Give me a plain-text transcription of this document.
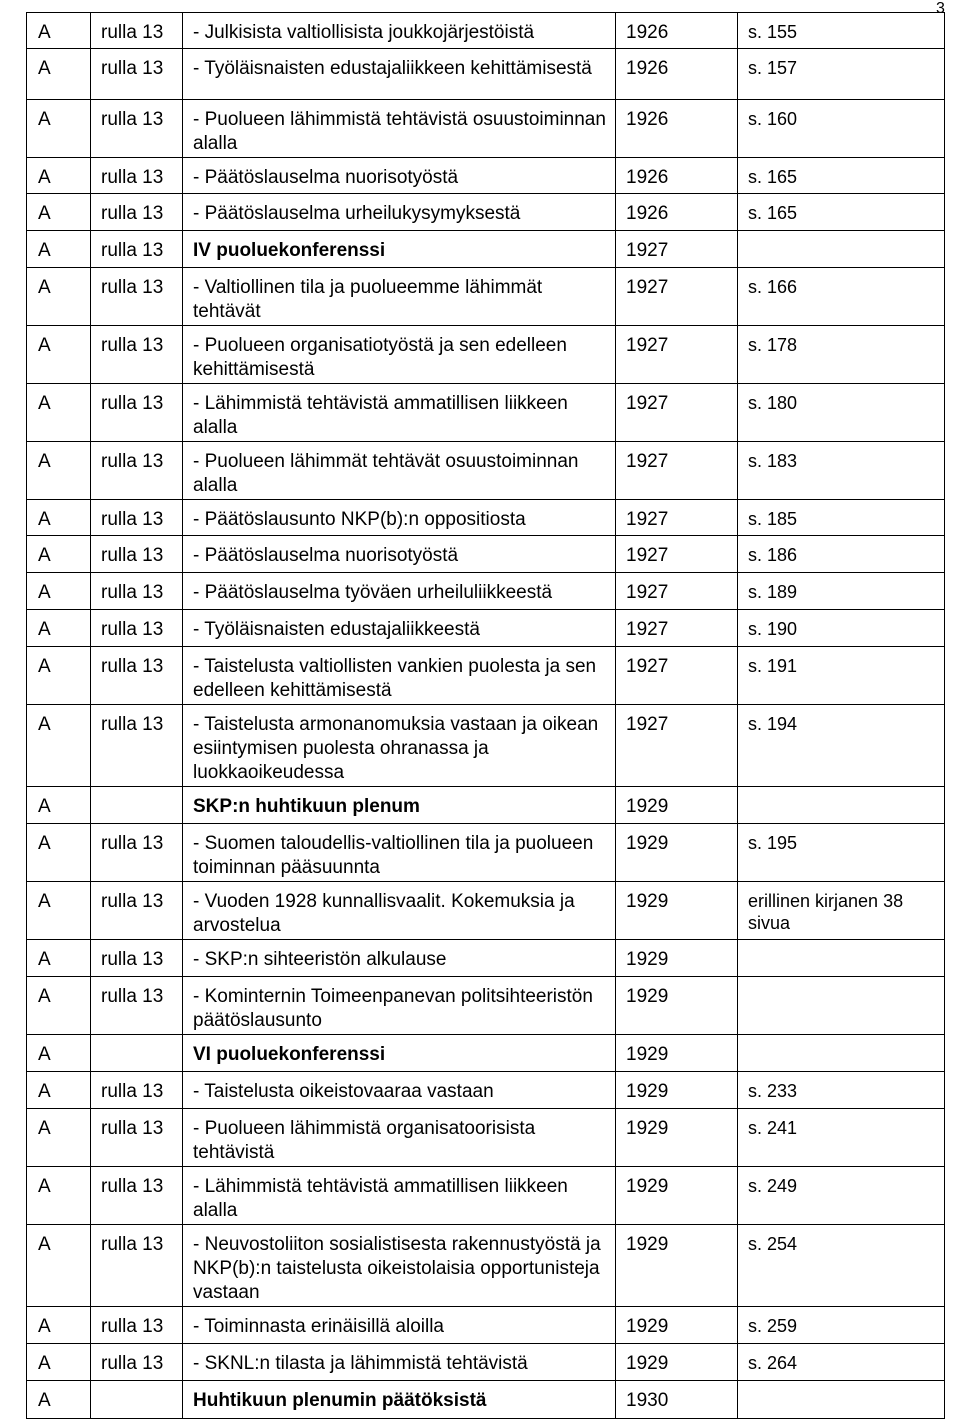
3
A	rulla 13	- Julkisista valtiollisista joukkojärjestöistä	1926	s. 155
A	rulla 13	- Työläisnaisten edustajaliikkeen kehittämisestä	1926	s. 157
A	rulla 13	- Puolueen lähimmistä tehtävistä osuustoiminnan alalla	1926	s. 160
A	rulla 13	- Päätöslauselma nuorisotyöstä	1926	s. 165
A	rulla 13	- Päätöslauselma urheilukysymyksestä	1926	s. 165
A	rulla 13	IV puoluekonferenssi	1927	
A	rulla 13	- Valtiollinen tila ja puolueemme lähimmät tehtävät	1927	s. 166
A	rulla 13	- Puolueen organisatiotyöstä ja sen edelleen kehittämisestä	1927	s. 178
A	rulla 13	- Lähimmistä tehtävistä ammatillisen liikkeen alalla	1927	s. 180
A	rulla 13	- Puolueen lähimmät tehtävät osuustoiminnan alalla	1927	s. 183
A	rulla 13	- Päätöslausunto NKP(b):n oppositiosta	1927	s. 185
A	rulla 13	- Päätöslauselma nuorisotyöstä	1927	s. 186
A	rulla 13	- Päätöslauselma työväen urheiluliikkeestä	1927	s. 189
A	rulla 13	- Työläisnaisten edustajaliikkeestä	1927	s. 190
A	rulla 13	- Taistelusta valtiollisten vankien puolesta ja sen edelleen kehittämisestä	1927	s. 191
A	rulla 13	- Taistelusta armonanomuksia vastaan ja oikean esiintymisen puolesta ohranassa ja luokkaoikeudessa	1927	s. 194
A		SKP:n huhtikuun plenum	1929	
A	rulla 13	- Suomen taloudellis-valtiollinen tila ja puolueen toiminnan pääsuunnta	1929	s. 195
A	rulla 13	- Vuoden 1928 kunnallisvaalit. Kokemuksia ja arvostelua	1929	erillinen kirjanen 38 sivua
A	rulla 13	- SKP:n sihteeristön alkulause	1929	
A	rulla 13	- Kominternin Toimeenpanevan politsihteeristön päätöslausunto	1929	
A		VI puoluekonferenssi	1929	
A	rulla 13	- Taistelusta oikeistovaaraa vastaan	1929	s. 233
A	rulla 13	- Puolueen lähimmistä organisatoorisista tehtävistä	1929	s. 241
A	rulla 13	- Lähimmistä tehtävistä ammatillisen liikkeen alalla	1929	s. 249
A	rulla 13	- Neuvostoliiton sosialistisesta rakennustyöstä ja NKP(b):n taistelusta oikeistolaisia opportunisteja vastaan	1929	s. 254
A	rulla 13	- Toiminnasta erinäisillä aloilla	1929	s. 259
A	rulla 13	- SKNL:n tilasta ja lähimmistä tehtävistä	1929	s. 264
A		Huhtikuun plenumin päätöksistä	1930	
